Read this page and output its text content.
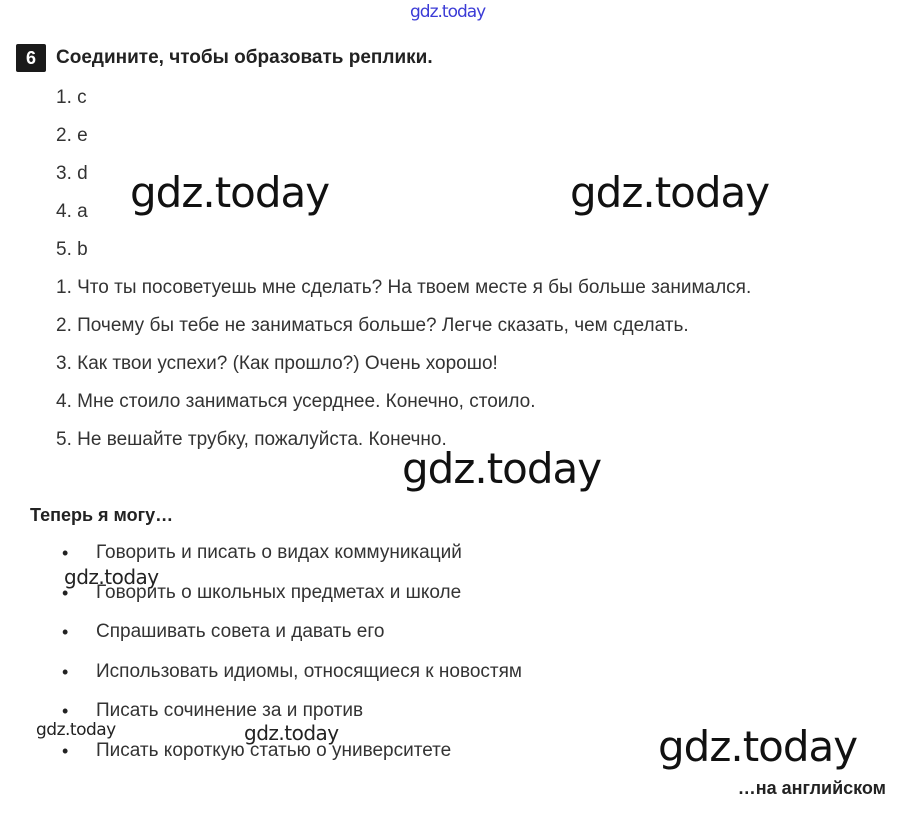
gdz.today
6	Соедините, чтобы образовать реплики.
1. c
2. e
3. d
4. a
5. b
1. Что ты посоветуешь мне сделать? На твоем месте я бы больше занимался.
2. Почему бы тебе не заниматься больше? Легче сказать, чем сделать.
3. Как твои успехи? (Как прошло?) Очень хорошо!
4. Мне стоило заниматься усерднее. Конечно, стоило.
5. Не вешайте трубку, пожалуйста. Конечно.
Теперь я могу…
•	Говорить и писать о видах коммуникаций
•	Говорить о школьных предметах и школе
•	Спрашивать совета и давать его
•	Использовать идиомы, относящиеся к новостям
•	Писать сочинение за и против
•	Писать короткую статью о университете
…на английском
gdz.today	gdz.today
gdz.today
gdz.today
gdz.today
gdz.today	gdz.today
